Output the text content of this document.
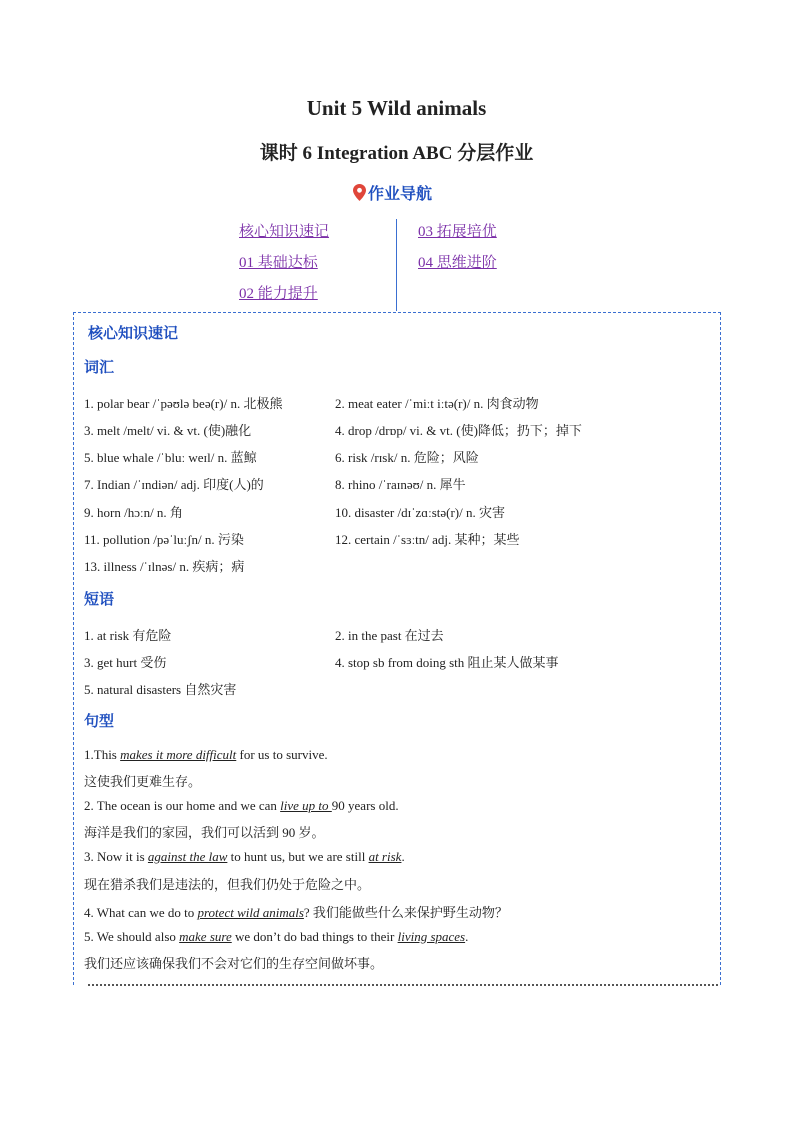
Unit 5 Wild animals
课时 6 Integration ABC 分层作业
作业导航
核心知识速记
01 基础达标
02 能力提升
03 拓展培优
04 思维进阶
核心知识速记
词汇
1. polar bear /ˈpəʊlə beə(r)/ n. 北极熊	2. meat eater /ˈmiːt iːtə(r)/ n. 肉食动物
3. melt /melt/ vi. & vt. (使)融化	4. drop /drɒp/ vi. & vt. (使)降低；扔下；掉下
5. blue whale /ˈbluː weɪl/ n. 蓝鲸	6. risk /rɪsk/ n. 危险；风险
7. Indian /ˈɪndiən/ adj. 印度(人)的	8. rhino /ˈraɪnəʊ/ n. 犀牛
9. horn /hɔːn/ n. 角	10. disaster /dɪˈzɑːstə(r)/ n. 灾害
11. pollution /pəˈluːʃn/ n. 污染	12. certain /ˈsɜːtn/ adj. 某种；某些
13. illness /ˈɪlnəs/ n. 疾病；病
短语
1. at risk 有危险	2. in the past 在过去
3. get hurt 受伤	4. stop sb from doing sth 阻止某人做某事
5. natural disasters 自然灾害
句型
1.This makes it more difficult for us to survive.
这使我们更难生存。
2. The ocean is our home and we can live up to 90 years old.
海洋是我们的家园，我们可以活到 90 岁。
3. Now it is against the law to hunt us, but we are still at risk.
现在猎杀我们是违法的，但我们仍处于危险之中。
4. What can we do to protect wild animals? 我们能做些什么来保护野生动物？
5. We should also make sure we don’t do bad things to their living spaces.
我们还应该确保我们不会对它们的生存空间做坏事。
